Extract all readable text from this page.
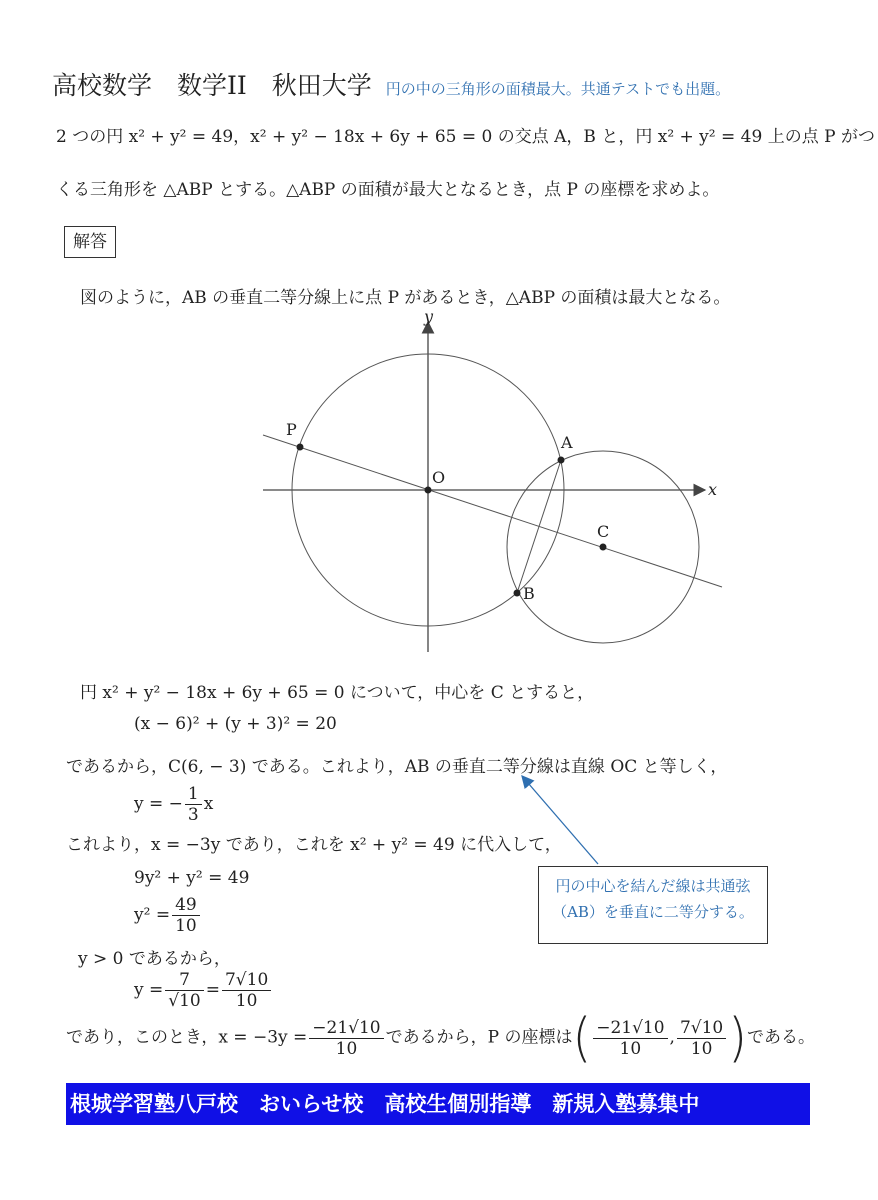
高校数学　数学II　秋田大学 円の中の三角形の面積最大。共通テストでも出題。
2 つの円 x² + y² = 49，x² + y² − 18x + 6y + 65 = 0 の交点 A，B と，円 x² + y² = 49 上の点 P がつ
くる三角形を △ABP とする。△ABP の面積が最大となるとき，点 P の座標を求めよ。
解答
図のように，AB の垂直二等分線上に点 P があるとき，△ABP の面積は最大となる。
y
x
O
A
B
C
P
円 x² + y² − 18x + 6y + 65 = 0 について，中心を C とすると，
(x − 6)² + (y + 3)² = 20
であるから，C(6, − 3) である。これより，AB の垂直二等分線は直線 OC と等しく，
y = − $\frac{1}{3}$ x
これより，x = −3y であり，これを x² + y² = 49 に代入して，
9y² + y² = 49
$y^2 = \frac{49}{10}$
y > 0 であるから，
$y = \frac{7}{√10} = \frac{7√10}{10}$
であり，このとき，$x = -3y = \frac{-21√10}{10}$ であるから，P の座標は( $\frac{-21√10}{10}$ , $\frac{7√10}{10}$ )である。
円の中心を結んだ線は共通弦
（AB）を垂直に二等分する。
根城学習塾八戸校　おいらせ校　高校生個別指導　新規入塾募集中
